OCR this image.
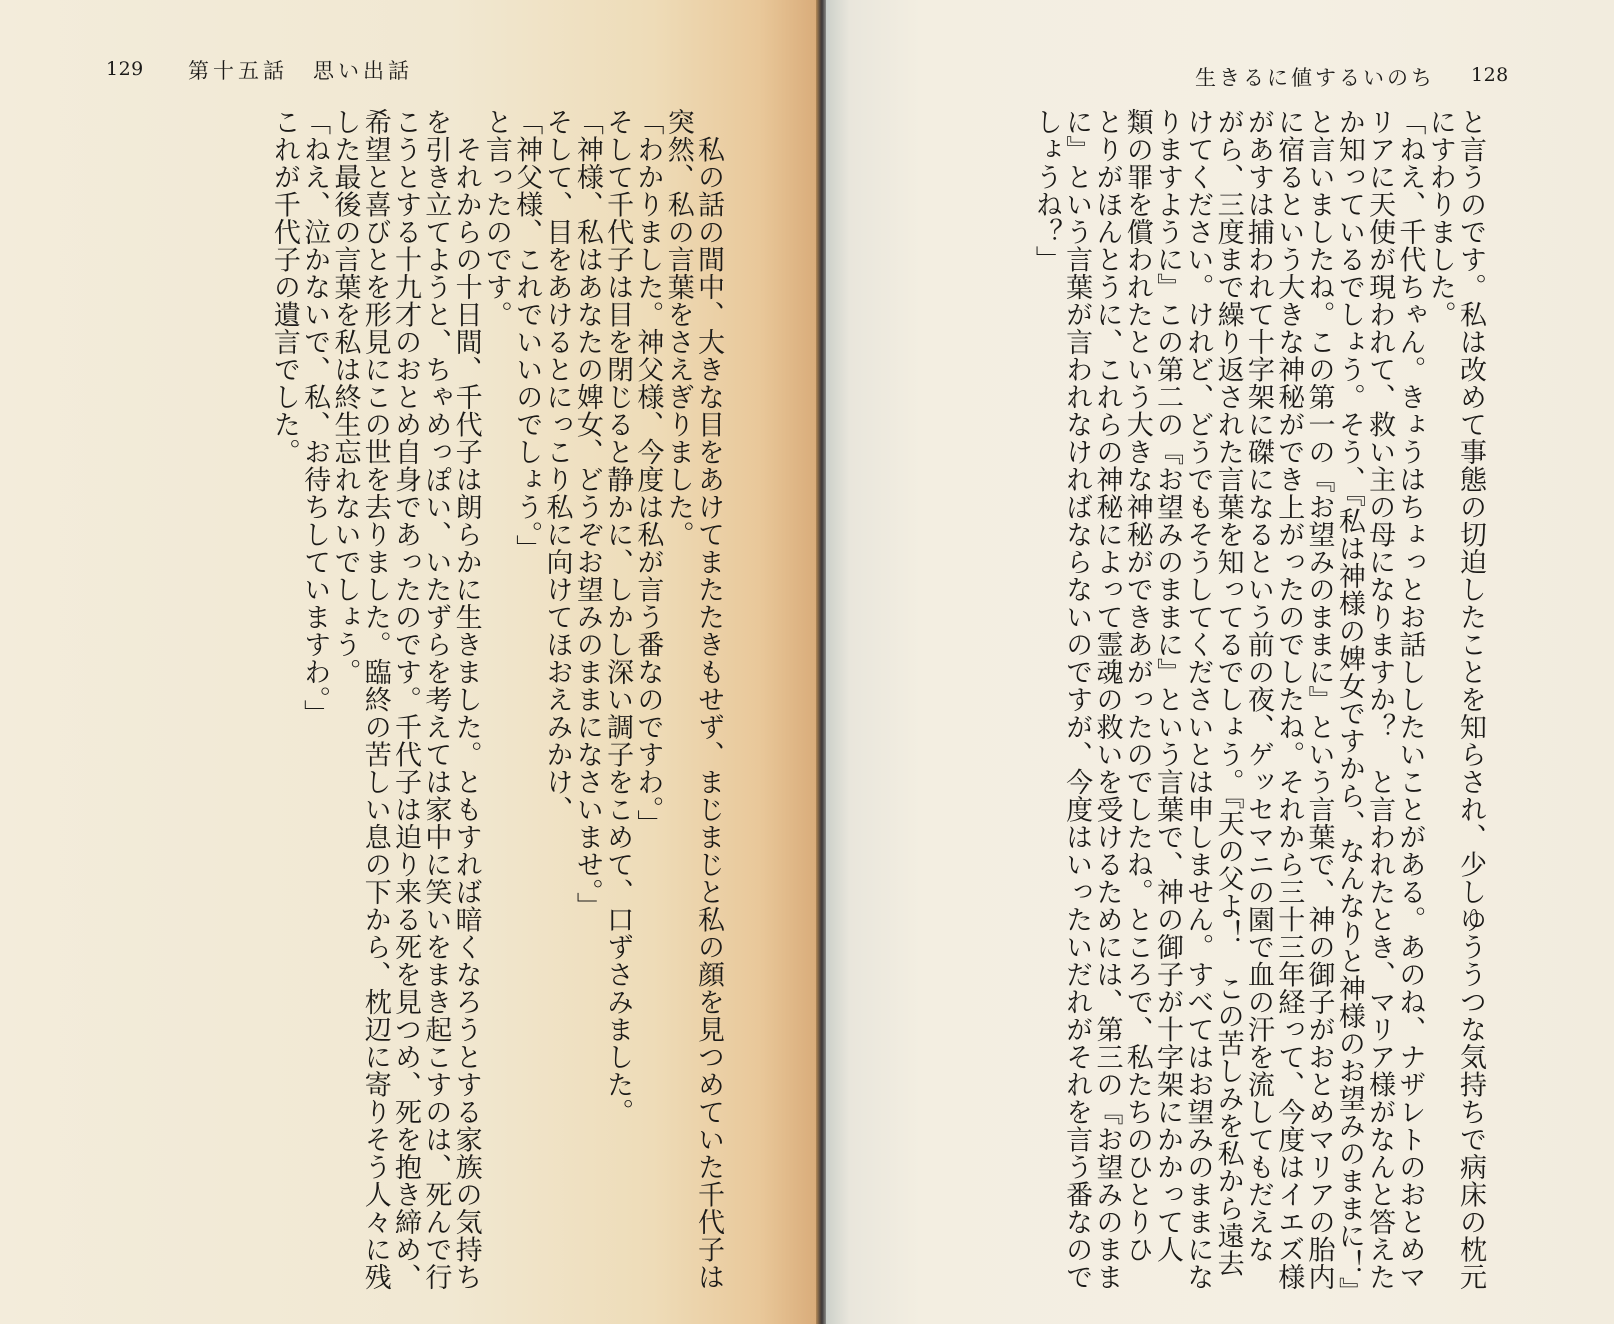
129 第十五話　思い出話
　私の話の間中、大きな目をあけてまたたきもせず、まじまじと私の顔を見つめていた千代子は
突然、私の言葉をさえぎりました。
「わかりました。神父様、今度は私が言う番なのですわ。」
そして千代子は目を閉じると静かに、しかし深い調子をこめて、口ずさみました。
「神様、私はあなたの婢女、どうぞお望みのままになさいませ。」
そして、目をあけるとにっこり私に向けてほおえみかけ、
「神父様、これでいいのでしょう。」
と言ったのです。
　それからの十日間、千代子は朗らかに生きました。ともすれば暗くなろうとする家族の気持ち
を引き立てようと、ちゃめっぽい、いたずらを考えては家中に笑いをまき起こすのは、死んで行
こうとする十九才のおとめ自身であったのです。千代子は迫り来る死を見つめ、死を抱き締め、
希望と喜びとを形見にこの世を去りました。臨終の苦しい息の下から、枕辺に寄りそう人々に残
した最後の言葉を私は終生忘れないでしょう。
「ねえ、泣かないで、私、お待ちしていますわ。」
これが千代子の遺言でした。
生きるに値するいのち 128
と言うのです。私は改めて事態の切迫したことを知らされ、少しゆううつな気持ちで病床の枕元
にすわりました。
「ねえ、千代ちゃん。きょうはちょっとお話ししたいことがある。あのね、ナザレトのおとめマ
リアに天使が現われて、救い主の母になりますか？　と言われたとき、マリア様がなんと答えた
か知っているでしょう。そう、『私は神様の婢女ですから、なんなりと神様のお望みのままに！』
と言いましたね。この第一の『お望みのままに』という言葉で、神の御子がおとめマリアの胎内
に宿るという大きな神秘ができ上がったのでしたね。それから三十三年経って、今度はイエズ様
があすは捕われて十字架に磔になるという前の夜、ゲッセマニの園で血の汗を流してもだえな
がら、三度まで繰り返された言葉を知ってるでしょう。『天の父よ！　この苦しみを私から遠去
けてください。けれど、どうでもそうしてくださいとは申しません。すべてはお望みのままにな
りますように』この第二の『お望みのままに』という言葉で、神の御子が十字架にかかって人
類の罪を償われたという大きな神秘ができあがったのでしたね。ところで、私たちのひとりひ
とりがほんとうに、これらの神秘によって霊魂の救いを受けるためには、第三の『お望みのまま
に』という言葉が言われなければならないのですが、今度はいったいだれがそれを言う番なので
しょうね？」
